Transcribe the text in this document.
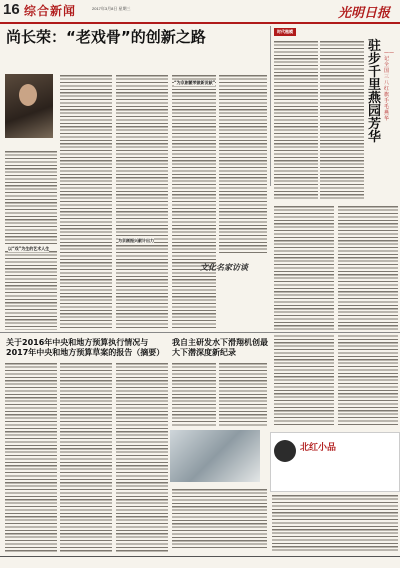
16 综合新闻	2017年3月8日 星期三	光明日报
尚长荣：“老戏骨”的创新之路
以“戏”为生的艺术人生
为京剧振兴献计出力
“为京剧繁荣做新贡献”
时代楷模
驻步千里 燕园芳华
——记全国三八红旗手毛燕华
文化名家访谈
关于2016年中央和地方预算执行情况与2017年中央和地方预算草案的报告（摘要）
我自主研发水下滑翔机创最大下潜深度新纪录
北红小品
